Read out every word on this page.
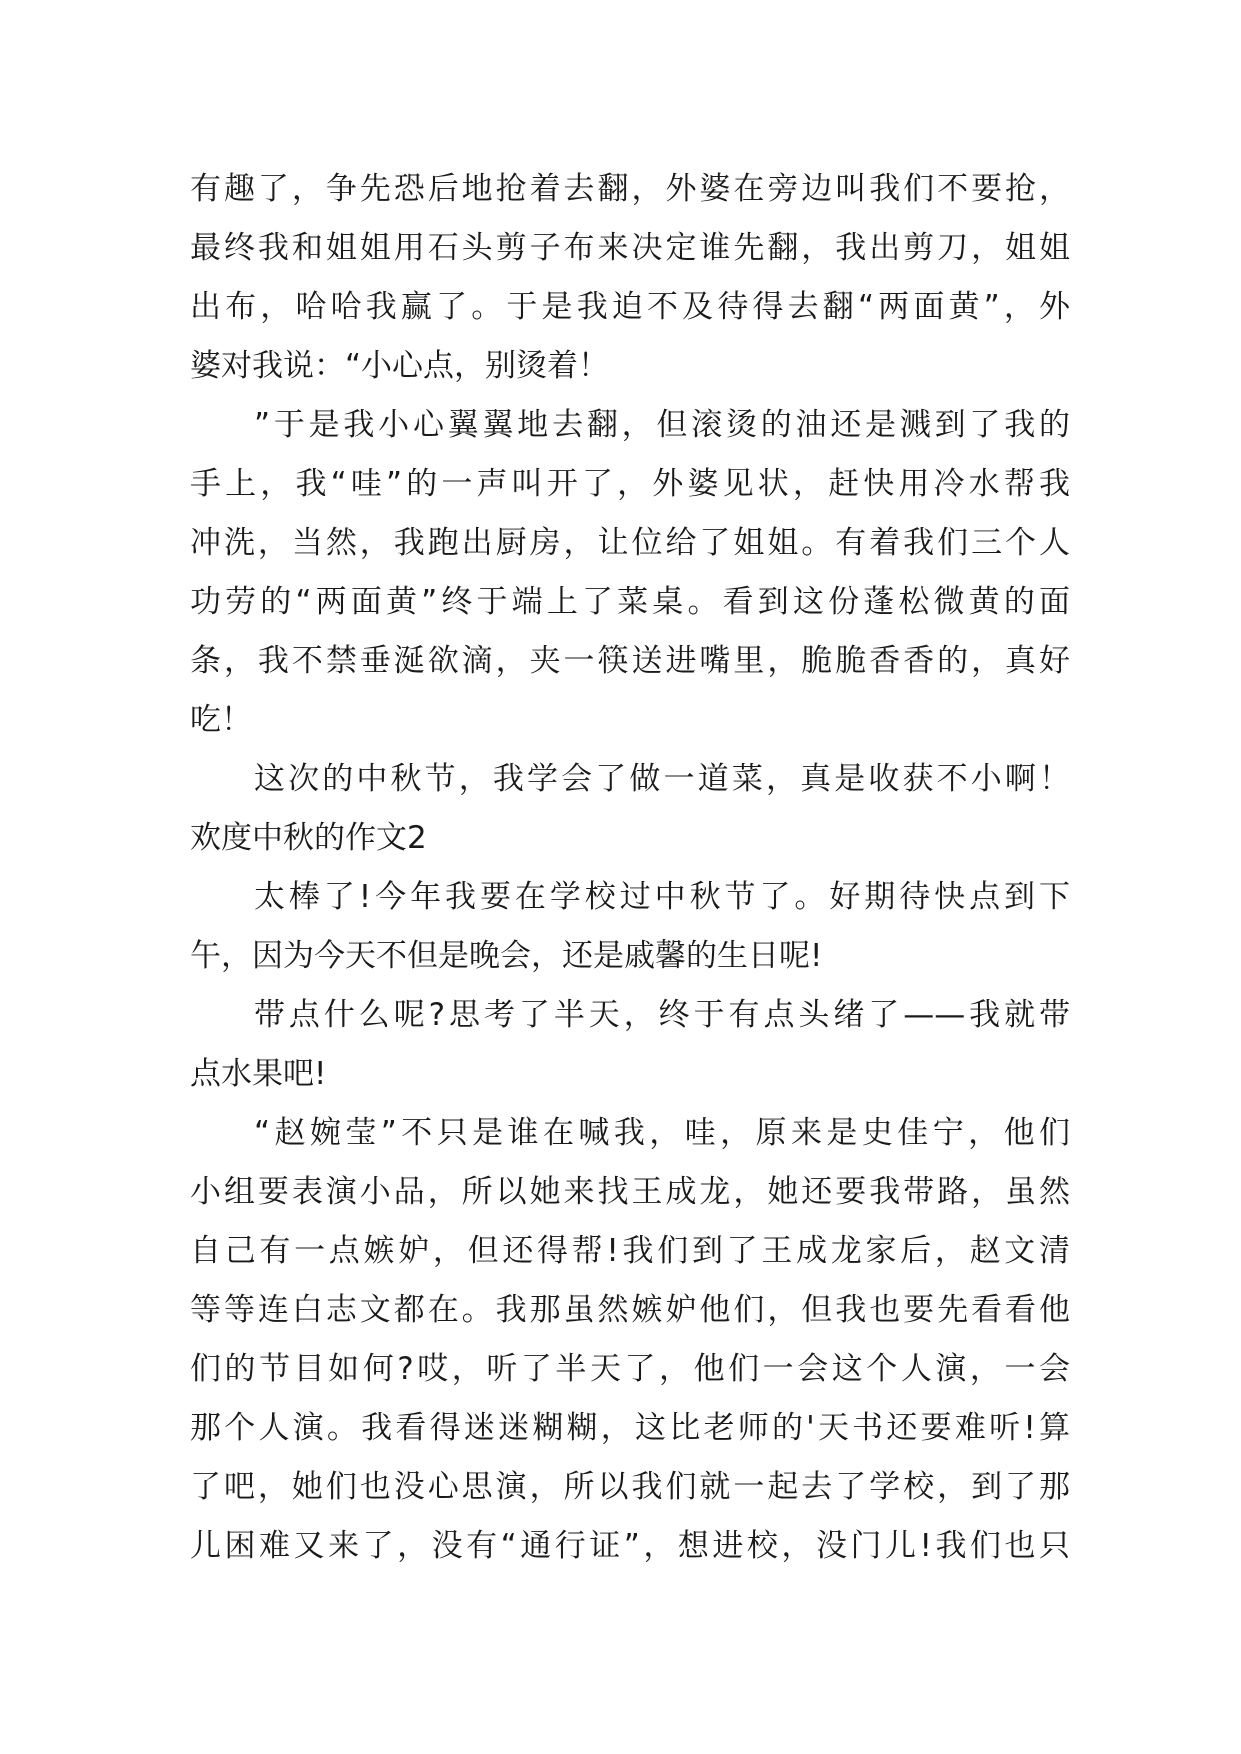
有趣了，争先恐后地抢着去翻，外婆在旁边叫我们不要抢，
最终我和姐姐用石头剪子布来决定谁先翻，我出剪刀，姐姐
出布，哈哈我赢了。于是我迫不及待得去翻“两面黄”，外
婆对我说：“小心点，别烫着！
”于是我小心翼翼地去翻，但滚烫的油还是溅到了我的
手上，我“哇”的一声叫开了，外婆见状，赶快用冷水帮我
冲洗，当然，我跑出厨房，让位给了姐姐。有着我们三个人
功劳的“两面黄”终于端上了菜桌。看到这份蓬松微黄的面
条，我不禁垂涎欲滴，夹一筷送进嘴里，脆脆香香的，真好
吃！
这次的中秋节，我学会了做一道菜，真是收获不小啊！
欢度中秋的作文2
太棒了!今年我要在学校过中秋节了。好期待快点到下
午，因为今天不但是晚会，还是戚馨的生日呢!
带点什么呢?思考了半天，终于有点头绪了——我就带
点水果吧!
“赵婉莹”不只是谁在喊我，哇，原来是史佳宁，他们
小组要表演小品，所以她来找王成龙，她还要我带路，虽然
自己有一点嫉妒，但还得帮!我们到了王成龙家后，赵文清
等等连白志文都在。我那虽然嫉妒他们，但我也要先看看他
们的节目如何?哎，听了半天了，他们一会这个人演，一会
那个人演。我看得迷迷糊糊，这比老师的'天书还要难听!算
了吧，她们也没心思演，所以我们就一起去了学校，到了那
儿困难又来了，没有“通行证”，想进校，没门儿!我们也只
